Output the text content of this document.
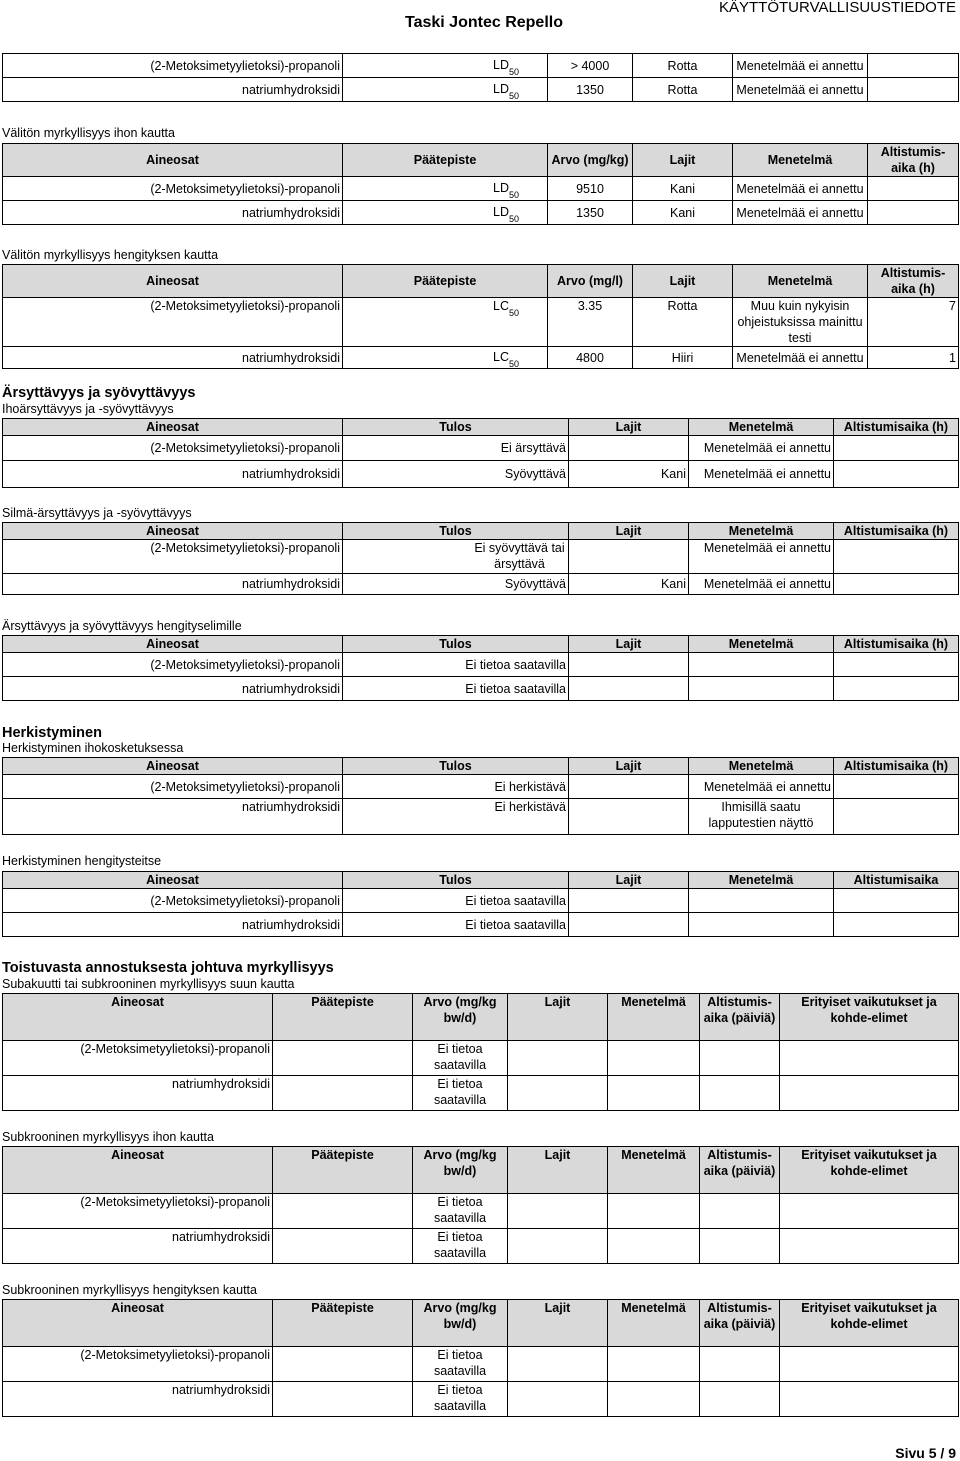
Taski Jontec Repello
KÄYTTÖTURVALLISUUSTIEDOTE
(2-Metoksimetyylietoksi)-propanoli	$LD_{50}$	> 4000	Rotta	Menetelmää ei annettu	
natriumhydroksidi	$LD_{50}$	1350	Rotta	Menetelmää ei annettu	
Välitön myrkyllisyys ihon kautta
Aineosat	Päätepiste	Arvo (mg/kg)	Lajit	Menetelmä	Altistumis-aika (h)
(2-Metoksimetyylietoksi)-propanoli	$LD_{50}$	9510	Kani	Menetelmää ei annettu	
natriumhydroksidi	$LD_{50}$	1350	Kani	Menetelmää ei annettu	
Välitön myrkyllisyys hengityksen kautta
Aineosat	Päätepiste	Arvo (mg/l)	Lajit	Menetelmä	Altistumis-aika (h)
(2-Metoksimetyylietoksi)-propanoli	$LC_{50}$	3.35	Rotta	Muu kuin nykyisin ohjeistuksissa mainittu testi	7
natriumhydroksidi	$LC_{50}$	4800	Hiiri	Menetelmää ei annettu	1
Ärsyttävyys ja syövyttävyys
Ihoärsyttävyys ja -syövyttävyys
Aineosat	Tulos	Lajit	Menetelmä	Altistumisaika (h)
(2-Metoksimetyylietoksi)-propanoli	Ei ärsyttävä		Menetelmää ei annettu	
natriumhydroksidi	Syövyttävä	Kani	Menetelmää ei annettu	
Silmä-ärsyttävyys ja -syövyttävyys
Aineosat	Tulos	Lajit	Menetelmä	Altistumisaika (h)
(2-Metoksimetyylietoksi)-propanoli	Ei syövyttävä tai ärsyttävä		Menetelmää ei annettu	
natriumhydroksidi	Syövyttävä	Kani	Menetelmää ei annettu	
Ärsyttävyys ja syövyttävyys hengityselimille
Aineosat	Tulos	Lajit	Menetelmä	Altistumisaika (h)
(2-Metoksimetyylietoksi)-propanoli	Ei tietoa saatavilla			
natriumhydroksidi	Ei tietoa saatavilla			
Herkistyminen
Herkistyminen ihokosketuksessa
Aineosat	Tulos	Lajit	Menetelmä	Altistumisaika (h)
(2-Metoksimetyylietoksi)-propanoli	Ei herkistävä		Menetelmää ei annettu	
natriumhydroksidi	Ei herkistävä		Ihmisillä saatu lapputestien näyttö	
Herkistyminen hengitysteitse
Aineosat	Tulos	Lajit	Menetelmä	Altistumisaika
(2-Metoksimetyylietoksi)-propanoli	Ei tietoa saatavilla			
natriumhydroksidi	Ei tietoa saatavilla			
Toistuvasta annostuksesta johtuva myrkyllisyys
Subakuutti tai subkrooninen myrkyllisyys suun kautta
Aineosat	Päätepiste	Arvo (mg/kg bw/d)	Lajit	Menetelmä	Altistumis-aika (päiviä)	Erityiset vaikutukset ja kohde-elimet
(2-Metoksimetyylietoksi)-propanoli		Ei tietoa saatavilla				
natriumhydroksidi		Ei tietoa saatavilla				
Subkrooninen myrkyllisyys ihon kautta
Aineosat	Päätepiste	Arvo (mg/kg bw/d)	Lajit	Menetelmä	Altistumis-aika (päiviä)	Erityiset vaikutukset ja kohde-elimet
(2-Metoksimetyylietoksi)-propanoli		Ei tietoa saatavilla				
natriumhydroksidi		Ei tietoa saatavilla				
Subkrooninen myrkyllisyys hengityksen kautta
Aineosat	Päätepiste	Arvo (mg/kg bw/d)	Lajit	Menetelmä	Altistumis-aika (päiviä)	Erityiset vaikutukset ja kohde-elimet
(2-Metoksimetyylietoksi)-propanoli		Ei tietoa saatavilla				
natriumhydroksidi		Ei tietoa saatavilla				
Sivu 5 / 9
